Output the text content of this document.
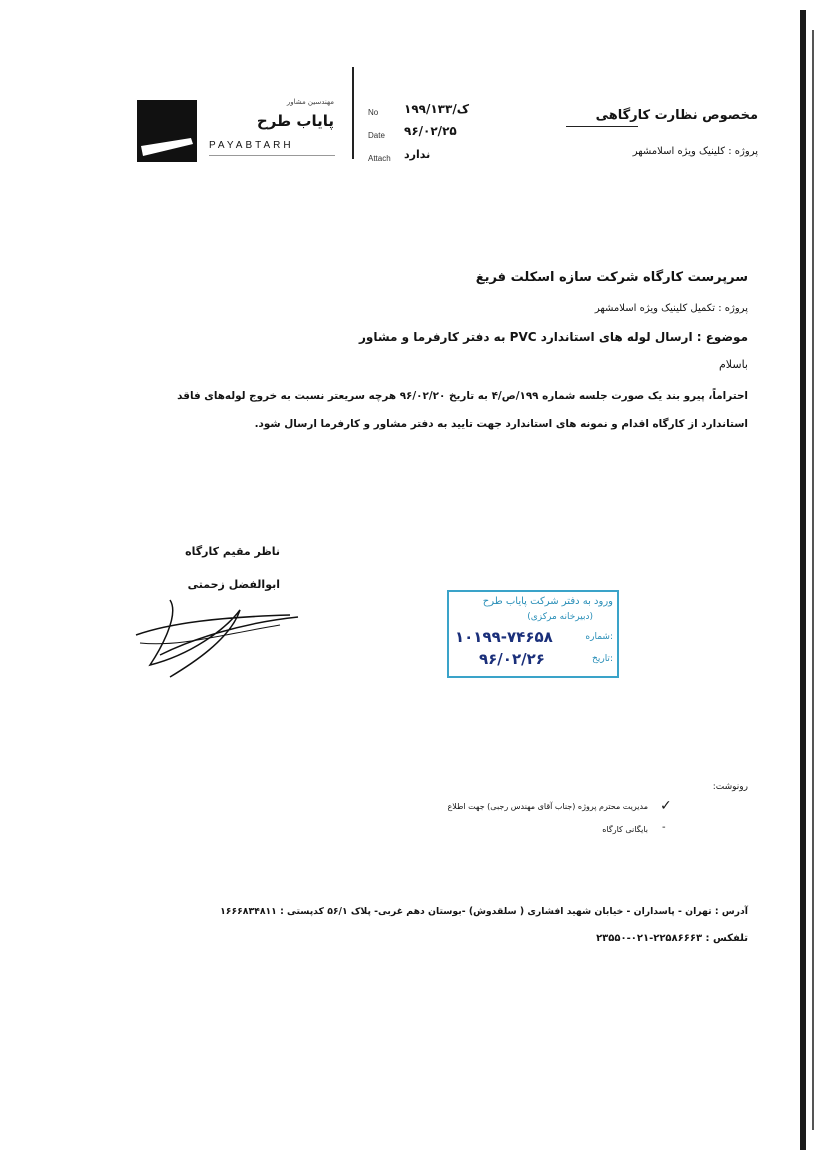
مهندسین مشاور
پایاب طرح
PAYABTARH
No ۱۹۹/ک/۱۳۳
Date ۹۶/۰۲/۲۵
Attach ندارد
مخصوص نظارت کارگاهی
پروژه : کلینیک ویژه اسلامشهر
سرپرست کارگاه شرکت سازه اسکلت فریغ
پروژه : تکمیل کلینیک ویژه اسلامشهر
موضوع : ارسال لوله های استاندارد PVC به دفتر کارفرما و مشاور
باسلام
احتراماً، پیرو بند یک صورت جلسه شماره ۱۹۹/ص/۴ به تاریخ ۹۶/۰۲/۲۰ هرچه سریعتر نسبت به خروج لوله‌های فاقد
استاندارد از کارگاه اقدام و نمونه های استاندارد جهت تایید به دفتر مشاور و کارفرما ارسال شود.
ناظر مقیم کارگاه
ابوالفضل زحمتی
ورود به دفتر شرکت پایاب طرح
(دبیرخانه مرکزی)
شماره:
۱۰۱۹۹-۷۴۶۵۸
تاریخ:
۹۶/۰۲/۲۶
رونوشت:
✓
مدیریت محترم پروژه (جناب آقای مهندس رجبی) جهت اطلاع
-
بایگانی کارگاه
آدرس : تهران - پاسداران - خیابان شهید افشاری ( سلقدوش) -بوستان دهم غربی- پلاک ۵۶/۱ کدپستی : ۱۶۶۶۸۳۴۸۱۱
تلفکس : ۲۲۵۸۶۶۶۳-۰۲۱-۲۳۵۵۰
